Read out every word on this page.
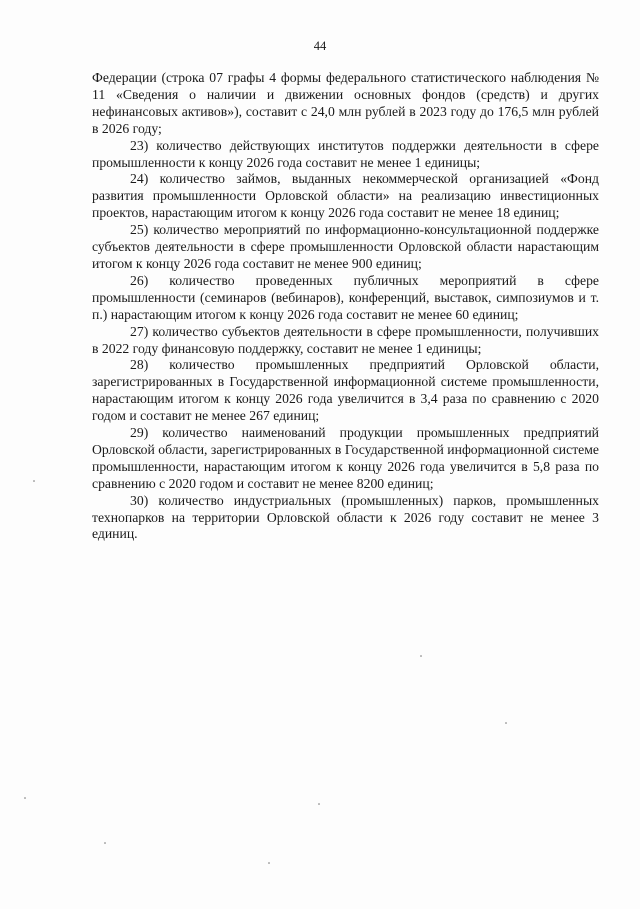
44

Федерации (строка 07 графы 4 формы федерального статистического наблюдения № 11 «Сведения о наличии и движении основных фондов (средств) и других нефинансовых активов»), составит с 24,0 млн рублей в 2023 году до 176,5 млн рублей в 2026 году;

23) количество действующих институтов поддержки деятельности в сфере промышленности к концу 2026 года составит не менее 1 единицы;

24) количество займов, выданных некоммерческой организацией «Фонд развития промышленности Орловской области» на реализацию инвестиционных проектов, нарастающим итогом к концу 2026 года составит не менее 18 единиц;

25) количество мероприятий по информационно-консультационной поддержке субъектов деятельности в сфере промышленности Орловской области нарастающим итогом к концу 2026 года составит не менее 900 единиц;

26) количество проведенных публичных мероприятий в сфере промышленности (семинаров (вебинаров), конференций, выставок, симпозиумов и т. п.) нарастающим итогом к концу 2026 года составит не менее 60 единиц;

27) количество субъектов деятельности в сфере промышленности, получивших в 2022 году финансовую поддержку, составит не менее 1 единицы;

28) количество промышленных предприятий Орловской области, зарегистрированных в Государственной информационной системе промышленности, нарастающим итогом к концу 2026 года увеличится в 3,4 раза по сравнению с 2020 годом и составит не менее 267 единиц;

29) количество наименований продукции промышленных предприятий Орловской области, зарегистрированных в Государственной информационной системе промышленности, нарастающим итогом к концу 2026 года увеличится в 5,8 раза по сравнению с 2020 годом и составит не менее 8200 единиц;

30) количество индустриальных (промышленных) парков, промышленных технопарков на территории Орловской области к 2026 году составит не менее 3 единиц.
